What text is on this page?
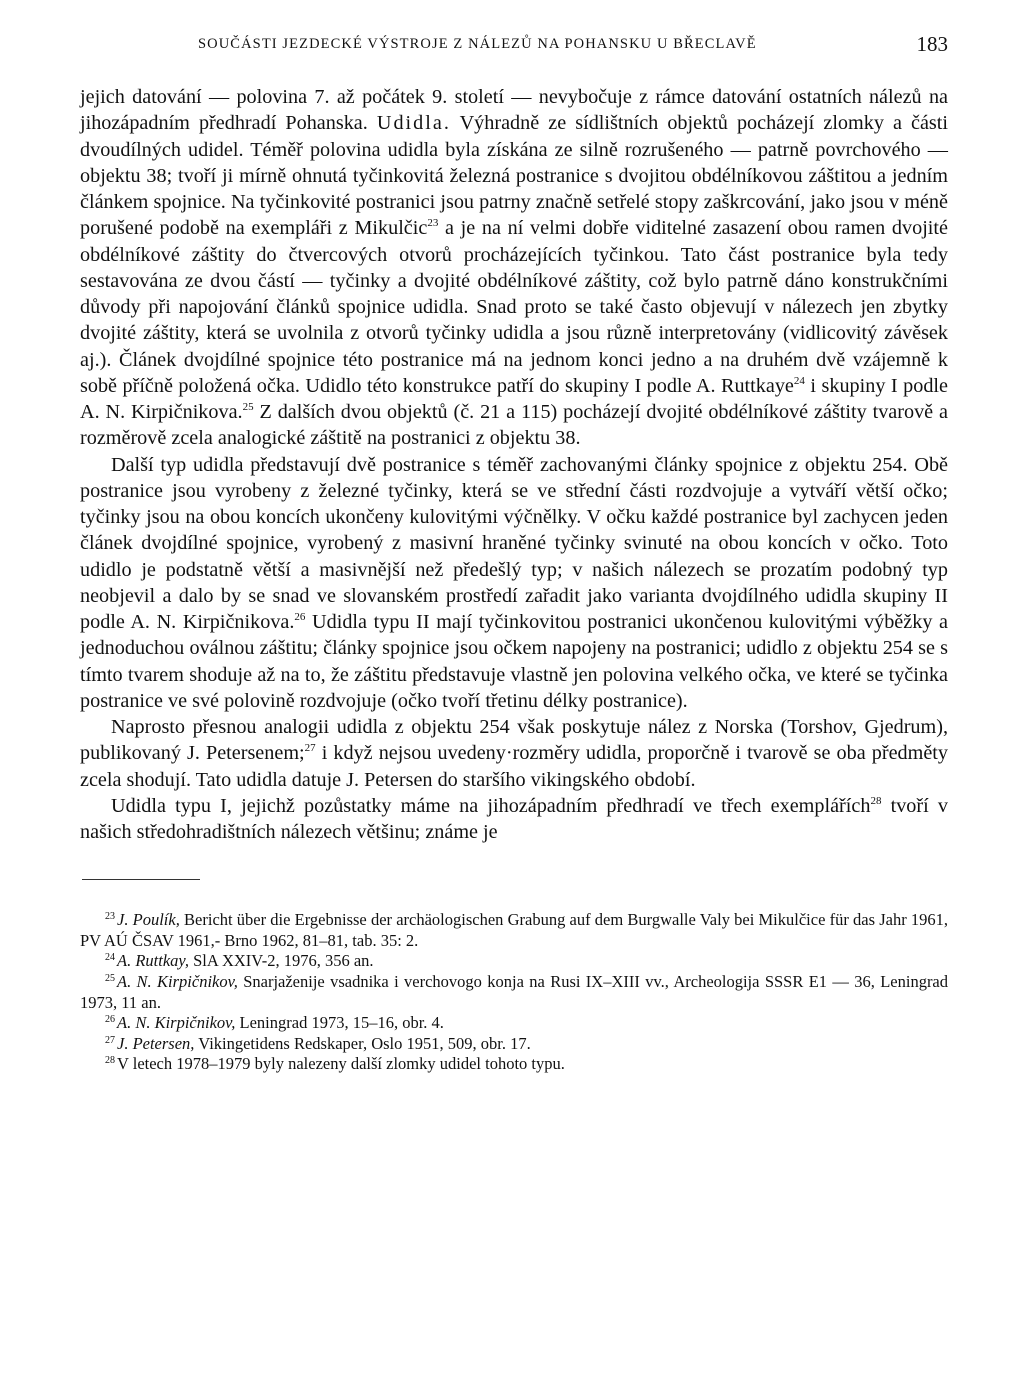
SOUČÁSTI JEZDECKÉ VÝSTROJE Z NÁLEZŮ NA POHANSKU U BŘECLAVĚ	183

jejich datování — polovina 7. až počátek 9. století — nevybočuje z rámce datování ostatních nálezů na jihozápadním předhradí Pohanska. Udidla. Výhradně ze sídlištních objektů pocházejí zlomky a části dvoudílných udidel. Téměř polovina udidla byla získána ze silně rozrušeného — patrně povrchového — objektu 38; tvoří ji mírně ohnutá tyčinkovitá železná postranice s dvojitou obdélníkovou záštitou a jedním článkem spojnice. Na tyčinkovité postranici jsou patrny značně setřelé stopy zaškrcování, jako jsou v méně porušené podobě na exempláři z Mikulčic$^{23}$ a je na ní velmi dobře viditelné zasazení obou ramen dvojité obdélníkové záštity do čtvercových otvorů procházejících tyčinkou. Tato část postranice byla tedy sestavována ze dvou částí — tyčinky a dvojité obdélníkové záštity, což bylo patrně dáno konstrukčními důvody při napojování článků spojnice udidla. Snad proto se také často objevují v nálezech jen zbytky dvojité záštity, která se uvolnila z otvorů tyčinky udidla a jsou různě interpretovány (vidlicovitý závěsek aj.). Článek dvojdílné spojnice této postranice má na jednom konci jedno a na druhém dvě vzájemně k sobě příčně položená očka. Udidlo této konstrukce patří do skupiny I podle A. Ruttkaye$^{24}$ i skupiny I podle A. N. Kirpičnikova.$^{25}$ Z dalších dvou objektů (č. 21 a 115) pocházejí dvojité obdélníkové záštity tvarově a rozměrově zcela analogické záštitě na postranici z objektu 38.

Další typ udidla představují dvě postranice s téměř zachovanými články spojnice z objektu 254. Obě postranice jsou vyrobeny z železné tyčinky, která se ve střední části rozdvojuje a vytváří větší očko; tyčinky jsou na obou koncích ukončeny kulovitými výčnělky. V očku každé postranice byl zachycen jeden článek dvojdílné spojnice, vyrobený z masivní hraněné tyčinky svinuté na obou koncích v očko. Toto udidlo je podstatně větší a masivnější než předešlý typ; v našich nálezech se prozatím podobný typ neobjevil a dalo by se snad ve slovanském prostředí zařadit jako varianta dvojdílného udidla skupiny II podle A. N. Kirpičnikova.$^{26}$ Udidla typu II mají tyčinkovitou postranici ukončenou kulovitými výběžky a jednoduchou oválnou záštitu; články spojnice jsou očkem napojeny na postranici; udidlo z objektu 254 se s tímto tvarem shoduje až na to, že záštitu představuje vlastně jen polovina velkého očka, ve které se tyčinka postranice ve své polovině rozdvojuje (očko tvoří třetinu délky postranice).

Naprosto přesnou analogii udidla z objektu 254 však poskytuje nález z Norska (Torshov, Gjedrum), publikovaný J. Petersenem;$^{27}$ i když nejsou uvedeny·rozměry udidla, proporčně i tvarově se oba předměty zcela shodují. Tato udidla datuje J. Petersen do staršího vikingského období.

Udidla typu I, jejichž pozůstatky máme na jihozápadním předhradí ve třech exemplářích$^{28}$ tvoří v našich středohradištních nálezech většinu; známe je

$^{23}$ J. Poulík, Bericht über die Ergebnisse der archäologischen Grabung auf dem Burgwalle Valy bei Mikulčice für das Jahr 1961, PV AÚ ČSAV 1961,- Brno 1962, 81–81, tab. 35: 2.
$^{24}$ A. Ruttkay, SlA XXIV-2, 1976, 356 an.
$^{25}$ A. N. Kirpičnikov, Snarjaženije vsadnika i verchovogo konja na Rusi IX–XIII vv., Archeologija SSSR E1 — 36, Leningrad 1973, 11 an.
$^{26}$ A. N. Kirpičnikov, Leningrad 1973, 15–16, obr. 4.
$^{27}$ J. Petersen, Vikingetidens Redskaper, Oslo 1951, 509, obr. 17.
$^{28}$ V letech 1978–1979 byly nalezeny další zlomky udidel tohoto typu.
